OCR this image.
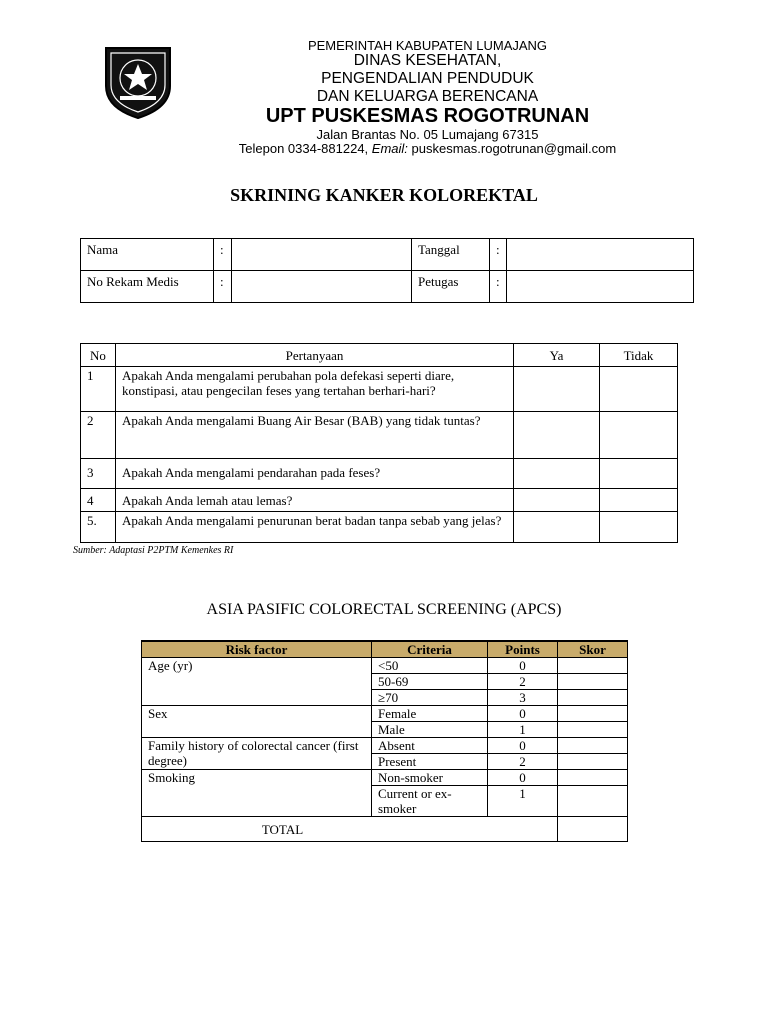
PEMERINTAH KABUPATEN LUMAJANG
DINAS KESEHATAN,
PENGENDALIAN PENDUDUK
DAN KELUARGA BERENCANA
UPT PUSKESMAS ROGOTRUNAN
Jalan Brantas No. 05 Lumajang 67315
Telepon 0334-881224, Email: puskesmas.rogotrunan@gmail.com
SKRINING KANKER KOLOREKTAL
Nama	:		Tanggal	:	
No Rekam Medis	:		Petugas	:	
No	Pertanyaan	Ya	Tidak
1	Apakah Anda mengalami perubahan pola defekasi seperti diare, konstipasi, atau pengecilan feses yang tertahan berhari-hari?		
2	Apakah Anda mengalami Buang Air Besar (BAB) yang tidak tuntas?		
3	Apakah Anda mengalami pendarahan pada feses?		
4	Apakah Anda lemah atau lemas?		
5.	Apakah Anda mengalami penurunan berat badan tanpa sebab yang jelas?		
Sumber: Adaptasi P2PTM Kemenkes RI
ASIA PASIFIC COLORECTAL SCREENING (APCS)
Risk factor	Criteria	Points	Skor
Age (yr)	<50	0	
	50-69	2	
	≥70	3	
Sex	Female	0	
	Male	1	
Family history of colorectal cancer (first degree)	Absent	0	
	Present	2	
Smoking	Non-smoker	0	
	Current or ex-smoker	1	
TOTAL			
